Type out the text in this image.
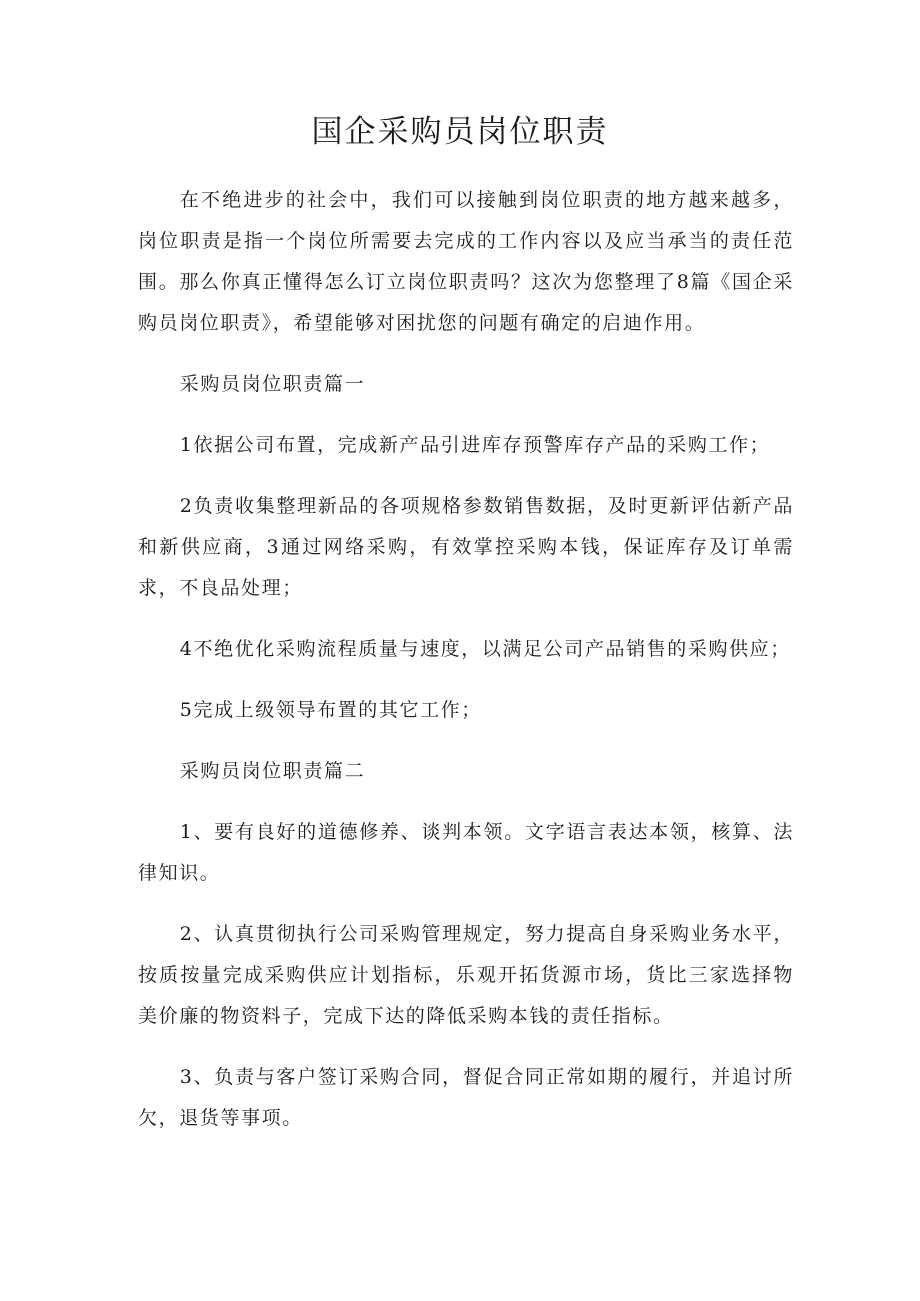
国企采购员岗位职责

在不绝进步的社会中，我们可以接触到岗位职责的地方越来越多，岗位职责是指一个岗位所需要去完成的工作内容以及应当承当的责任范围。那么你真正懂得怎么订立岗位职责吗？这次为您整理了8篇《国企采购员岗位职责》，希望能够对困扰您的问题有确定的启迪作用。

采购员岗位职责篇一

1依据公司布置，完成新产品引进库存预警库存产品的采购工作；

2负责收集整理新品的各项规格参数销售数据，及时更新评估新产品和新供应商，3通过网络采购，有效掌控采购本钱，保证库存及订单需求，不良品处理；

4不绝优化采购流程质量与速度，以满足公司产品销售的采购供应；

5完成上级领导布置的其它工作；

采购员岗位职责篇二

1、要有良好的道德修养、谈判本领。文字语言表达本领，核算、法律知识。

2、认真贯彻执行公司采购管理规定，努力提高自身采购业务水平，按质按量完成采购供应计划指标，乐观开拓货源市场，货比三家选择物美价廉的物资料子，完成下达的降低采购本钱的责任指标。

3、负责与客户签订采购合同，督促合同正常如期的履行，并追讨所欠，退货等事项。
